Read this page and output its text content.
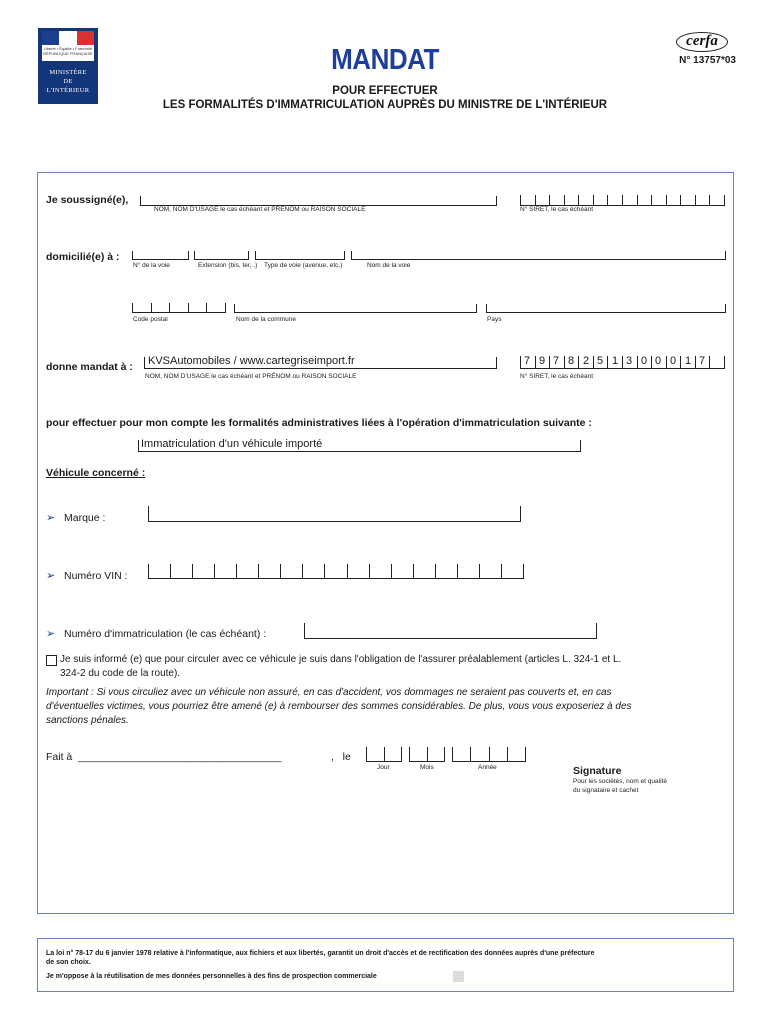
Liberté • Égalité • Fraternité RÉPUBLIQUE FRANÇAISE
MINISTÈRE
DE
L'INTÉRIEUR
MANDAT
POUR EFFECTUER
LES FORMALITÉS D'IMMATRICULATION AUPRÈS DU MINISTRE DE L'INTÉRIEUR
cerfa
N° 13757*03
Je soussigné(e),
NOM, NOM D'USAGE le cas échéant et PRÉNOM ou RAISON SOCIALE	N° SIRET, le cas échéant
domicilié(e) à :
N° de la voie	Extension (bis, ter, .) Type de voie (avenue, etc.)	Nom de la voie
Code postal	Nom de la commune	Pays
donne mandat à : KVSAutomobiles / www.cartegriseimport.fr
NOM, NOM D'USAGE le cas échéant et PRÉNOM ou RAISON SOCIALE
7 9 7 8 2 5 1 3 0 0 0 1 7
N° SIRET, le cas échéant
pour effectuer pour mon compte les formalités administratives liées à l'opération d'immatriculation suivante :
Immatriculation d'un véhicule importé
Véhicule concerné :
➢ Marque :
➢ Numéro VIN :
➢ Numéro d'immatriculation (le cas échéant) :
Je suis informé (e) que pour circuler avec ce véhicule je suis dans l'obligation de l'assurer préalablement (articles L. 324-1 et L.
324-2 du code de la route).
Important : Si vous circuliez avec un véhicule non assuré, en cas d'accident, vos dommages ne seraient pas couverts et, en cas
d'éventuelles victimes, vous pourriez être amené (e) à rembourser des sommes considérables. De plus, vous vous exposeriez à des
sanctions pénales.
Fait à ______________________________________	,   le
Jour	Mois	Année	Signature
Pour les sociétés, nom et qualité
du signataire et cachet
La loi n° 78-17 du 6 janvier 1978 relative à l'informatique, aux fichiers et aux libertés, garantit un droit d'accès et de rectification des données auprès d'une préfecture
de son choix.
Je m'oppose à la réutilisation de mes données personnelles à des fins de prospection commerciale
